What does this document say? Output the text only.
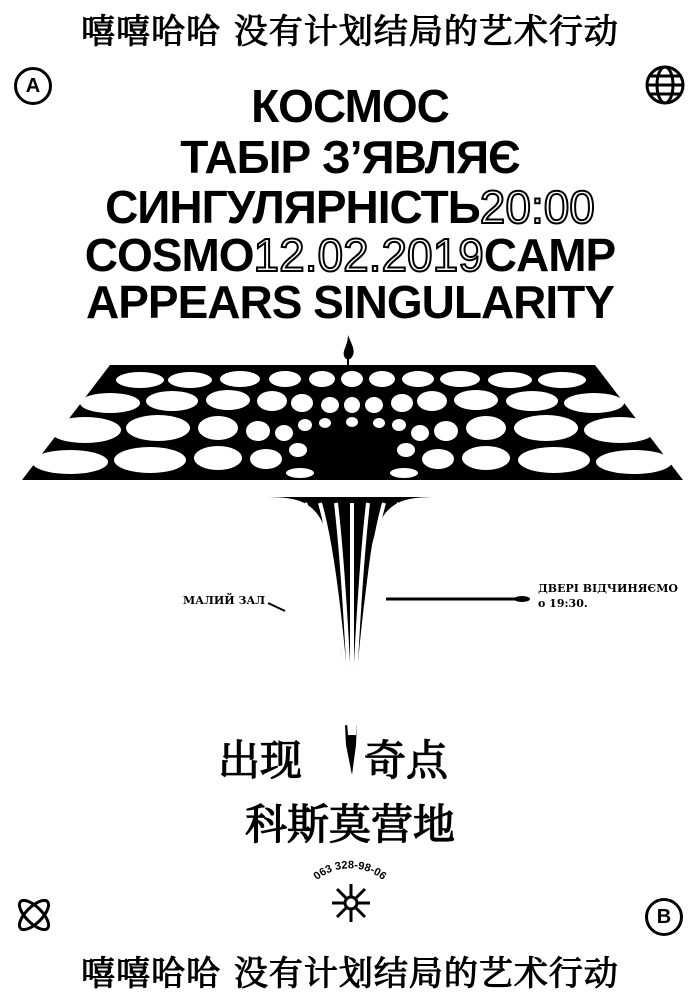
嘻嘻哈哈 没有计划结局的艺术行动
A	КОСМОС
ТАБІР З’ЯВЛЯЄ
СИНГУЛЯРНІСТЬ20:00
COSMO12.02.2019CAMP
APPEARS SINGULARITY
МАЛИЙ ЗАЛ
ДВЕРІ ВІДЧИНЯЄМО
о 19:30.
出现 奇点
科斯莫营地
063 328-98-06
B
嘻嘻哈哈 没有计划结局的艺术行动
